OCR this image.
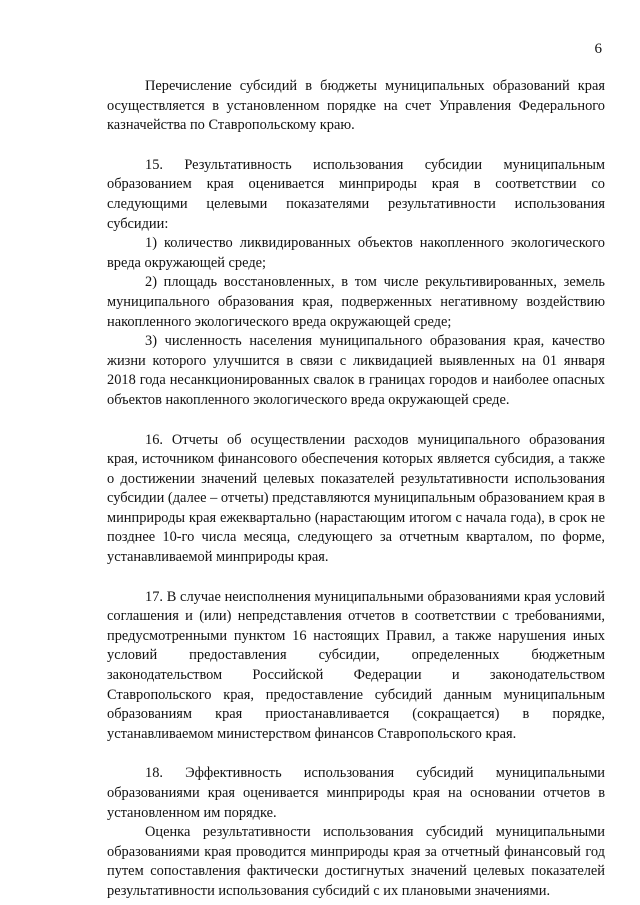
6

Перечисление субсидий в бюджеты муниципальных образований края осуществляется в установленном порядке на счет Управления Федерального казначейства по Ставропольскому краю.

15. Результативность использования субсидии муниципальным образованием края оценивается минприроды края в соответствии со следующими целевыми показателями результативности использования субсидии:

1) количество ликвидированных объектов накопленного экологического вреда окружающей среде;

2) площадь восстановленных, в том числе рекультивированных, земель муниципального образования края, подверженных негативному воздействию накопленного экологического вреда окружающей среде;

3) численность населения муниципального образования края, качество жизни которого улучшится в связи с ликвидацией выявленных на 01 января 2018 года несанкционированных свалок в границах городов и наиболее опасных объектов накопленного экологического вреда окружающей среде.

16. Отчеты об осуществлении расходов муниципального образования края, источником финансового обеспечения которых является субсидия, а также о достижении значений целевых показателей результативности использования субсидии (далее – отчеты) представляются муниципальным образованием края в минприроды края ежеквартально (нарастающим итогом с начала года), в срок не позднее 10-го числа месяца, следующего за отчетным кварталом, по форме, устанавливаемой минприроды края.

17. В случае неисполнения муниципальными образованиями края условий соглашения и (или) непредставления отчетов в соответствии с требованиями, предусмотренными пунктом 16 настоящих Правил, а также нарушения иных условий предоставления субсидии, определенных бюджетным законодательством Российской Федерации и законодательством Ставропольского края, предоставление субсидий данным муниципальным образованиям края приостанавливается (сокращается) в порядке, устанавливаемом министерством финансов Ставропольского края.

18. Эффективность использования субсидий муниципальными образованиями края оценивается минприроды края на основании отчетов в установленном им порядке.

Оценка результативности использования субсидий муниципальными образованиями края проводится минприроды края за отчетный финансовый год путем сопоставления фактически достигнутых значений целевых показателей результативности использования субсидий с их плановыми значениями.
